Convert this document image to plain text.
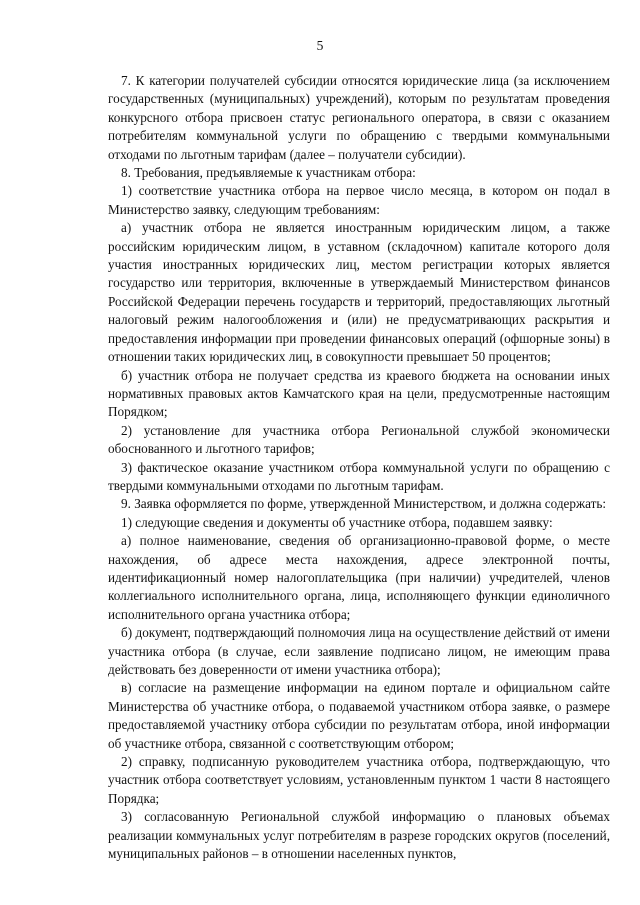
5

7. К категории получателей субсидии относятся юридические лица (за исключением государственных (муниципальных) учреждений), которым по результатам проведения конкурсного отбора присвоен статус регионального оператора, в связи с оказанием потребителям коммунальной услуги по обращению с твердыми коммунальными отходами по льготным тарифам (далее – получатели субсидии).

8. Требования, предъявляемые к участникам отбора:

1) соответствие участника отбора на первое число месяца, в котором он подал в Министерство заявку, следующим требованиям:

а) участник отбора не является иностранным юридическим лицом, а также российским юридическим лицом, в уставном (складочном) капитале которого доля участия иностранных юридических лиц, местом регистрации которых является государство или территория, включенные в утверждаемый Министерством финансов Российской Федерации перечень государств и территорий, предоставляющих льготный налоговый режим налогообложения и (или) не предусматривающих раскрытия и предоставления информации при проведении финансовых операций (офшорные зоны) в отношении таких юридических лиц, в совокупности превышает 50 процентов;

б) участник отбора не получает средства из краевого бюджета на основании иных нормативных правовых актов Камчатского края на цели, предусмотренные настоящим Порядком;

2) установление для участника отбора Региональной службой экономически обоснованного и льготного тарифов;

3) фактическое оказание участником отбора коммунальной услуги по обращению с твердыми коммунальными отходами по льготным тарифам.

9. Заявка оформляется по форме, утвержденной Министерством, и должна содержать:

1) следующие сведения и документы об участнике отбора, подавшем заявку:

а) полное наименование, сведения об организационно-правовой форме, о месте нахождения, об адресе места нахождения, адресе электронной почты, идентификационный номер налогоплательщика (при наличии) учредителей, членов коллегиального исполнительного органа, лица, исполняющего функции единоличного исполнительного органа участника отбора;

б) документ, подтверждающий полномочия лица на осуществление действий от имени участника отбора (в случае, если заявление подписано лицом, не имеющим права действовать без доверенности от имени участника отбора);

в) согласие на размещение информации на едином портале и официальном сайте Министерства об участнике отбора, о подаваемой участником отбора заявке, о размере предоставляемой участнику отбора субсидии по результатам отбора, иной информации об участнике отбора, связанной с соответствующим отбором;

2) справку, подписанную руководителем участника отбора, подтверждающую, что участник отбора соответствует условиям, установленным пунктом 1 части 8 настоящего Порядка;

3) согласованную Региональной службой информацию о плановых объемах реализации коммунальных услуг потребителям в разрезе городских округов (поселений, муниципальных районов – в отношении населенных пунктов,
